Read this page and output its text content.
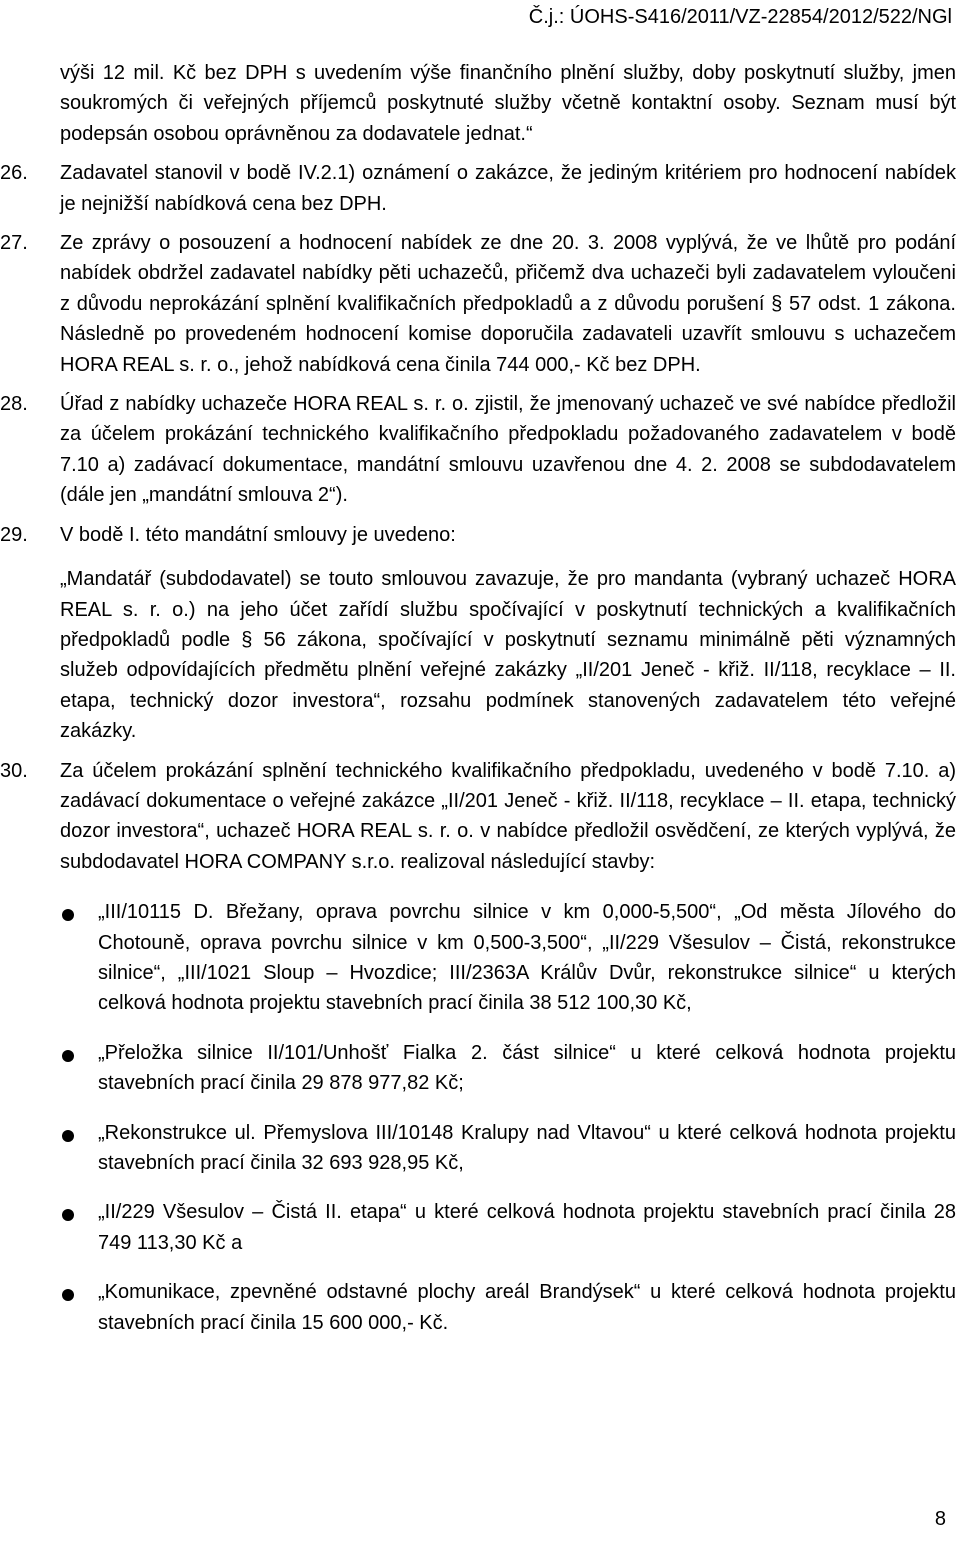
Č.j.: ÚOHS-S416/2011/VZ-22854/2012/522/NGl

výši 12 mil. Kč bez DPH s uvedením výše finančního plnění služby, doby poskytnutí služby, jmen soukromých či veřejných příjemců poskytnuté služby včetně kontaktní osoby. Seznam musí být podepsán osobou oprávněnou za dodavatele jednat.“

26. Zadavatel stanovil v bodě IV.2.1) oznámení o zakázce, že jediným kritériem pro hodnocení nabídek je nejnižší nabídková cena bez DPH.
27. Ze zprávy o posouzení a hodnocení nabídek ze dne 20. 3. 2008 vyplývá, že ve lhůtě pro podání nabídek obdržel zadavatel nabídky pěti uchazečů, přičemž dva uchazeči byli zadavatelem vyloučeni z důvodu neprokázání splnění kvalifikačních předpokladů a z důvodu porušení § 57 odst. 1 zákona. Následně po provedeném hodnocení komise doporučila zadavateli uzavřít smlouvu s uchazečem HORA REAL s. r. o., jehož nabídková cena činila 744 000,- Kč bez DPH.
28. Úřad z nabídky uchazeče HORA REAL s. r. o. zjistil, že jmenovaný uchazeč ve své nabídce předložil za účelem prokázání technického kvalifikačního předpokladu požadovaného zadavatelem v bodě 7.10 a) zadávací dokumentace, mandátní smlouvu uzavřenou dne 4. 2. 2008 se subdodavatelem (dále jen „mandátní smlouva 2“).
29. V bodě I. této mandátní smlouvy je uvedeno:

„Mandatář (subdodavatel) se touto smlouvou zavazuje, že pro mandanta (vybraný uchazeč HORA REAL s. r. o.) na jeho účet zařídí službu spočívající v poskytnutí technických a kvalifikačních předpokladů podle § 56 zákona, spočívající v poskytnutí seznamu minimálně pěti významných služeb odpovídajících předmětu plnění veřejné zakázky „II/201 Jeneč - křiž. II/118, recyklace – II. etapa, technický dozor investora“, rozsahu podmínek stanovených zadavatelem této veřejné zakázky.

30. Za účelem prokázání splnění technického kvalifikačního předpokladu, uvedeného v bodě 7.10. a) zadávací dokumentace o veřejné zakázce „II/201 Jeneč - křiž. II/118, recyklace – II. etapa, technický dozor investora“, uchazeč HORA REAL s. r. o. v nabídce předložil osvědčení, ze kterých vyplývá, že subdodavatel HORA COMPANY s.r.o. realizoval následující stavby:
„III/10115 D. Břežany, oprava povrchu silnice v km 0,000-5,500“, „Od města Jílového do Chotouně, oprava povrchu silnice v km 0,500-3,500“, „II/229 Všesulov – Čistá, rekonstrukce silnice“, „III/1021 Sloup – Hvozdice; III/2363A Králův Dvůr, rekonstrukce silnice“ u kterých celková hodnota projektu stavebních prací činila 38 512 100,30 Kč,
„Přeložka silnice II/101/Unhošť Fialka 2. část silnice“ u které celková hodnota projektu stavebních prací činila 29 878 977,82 Kč;
„Rekonstrukce ul. Přemyslova III/10148 Kralupy nad Vltavou“ u které celková hodnota projektu stavebních prací činila 32 693 928,95 Kč,
„II/229 Všesulov – Čistá II. etapa“ u které celková hodnota projektu stavebních prací činila 28 749 113,30 Kč a
„Komunikace, zpevněné odstavné plochy areál Brandýsek“ u které celková hodnota projektu stavebních prací činila 15 600 000,- Kč.
8
